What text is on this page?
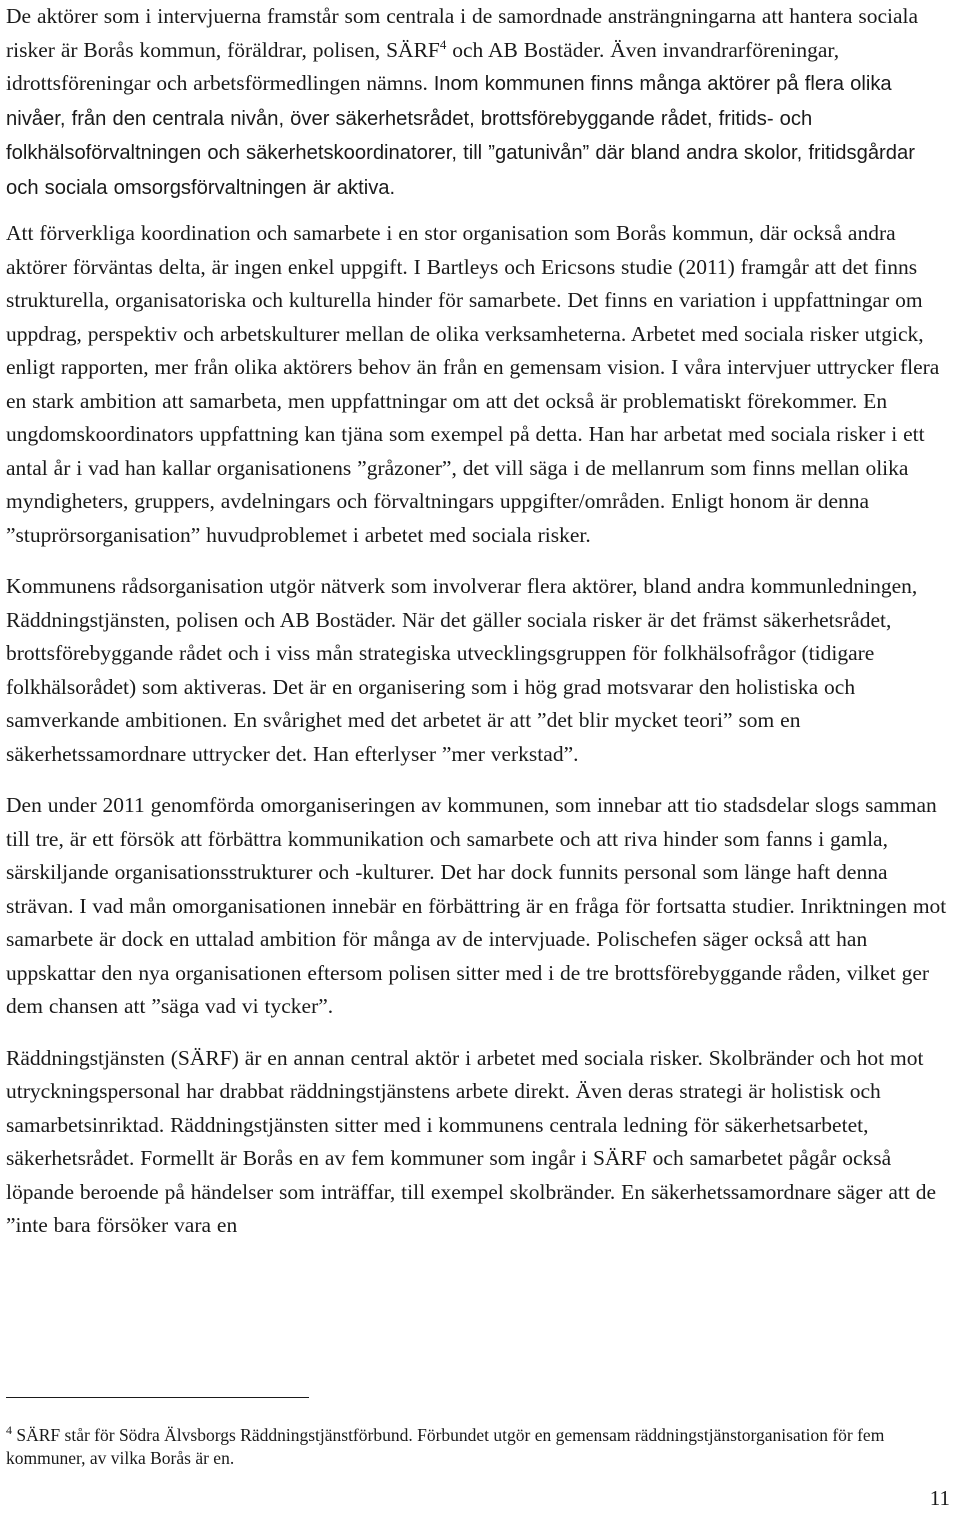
De aktörer som i intervjuerna framstår som centrala i de samordnade ansträngningarna att hantera sociala risker är Borås kommun, föräldrar, polisen, SÄRF$^4$ och AB Bostäder. Även invandrarföreningar, idrottsföreningar och arbetsförmedlingen nämns. Inom kommunen finns många aktörer på flera olika nivåer, från den centrala nivån, över säkerhetsrådet, brottsförebyggande rådet, fritids- och folkhälsoförvaltningen och säkerhetskoordinatorer, till ”gatunivån” där bland andra skolor, fritidsgårdar och sociala omsorgsförvaltningen är aktiva.

Att förverkliga koordination och samarbete i en stor organisation som Borås kommun, där också andra aktörer förväntas delta, är ingen enkel uppgift. I Bartleys och Ericsons studie (2011) framgår att det finns strukturella, organisatoriska och kulturella hinder för samarbete. Det finns en variation i uppfattningar om uppdrag, perspektiv och arbetskulturer mellan de olika verksamheterna. Arbetet med sociala risker utgick, enligt rapporten, mer från olika aktörers behov än från en gemensam vision. I våra intervjuer uttrycker flera en stark ambition att samarbeta, men uppfattningar om att det också är problematiskt förekommer. En ungdomskoordinators uppfattning kan tjäna som exempel på detta. Han har arbetat med sociala risker i ett antal år i vad han kallar organisationens ”gråzoner”, det vill säga i de mellanrum som finns mellan olika myndigheters, gruppers, avdelningars och förvaltningars uppgifter/områden. Enligt honom är denna ”stuprörsorganisation” huvudproblemet i arbetet med sociala risker.

Kommunens rådsorganisation utgör nätverk som involverar flera aktörer, bland andra kommunledningen, Räddningstjänsten, polisen och AB Bostäder. När det gäller sociala risker är det främst säkerhetsrådet, brottsförebyggande rådet och i viss mån strategiska utvecklingsgruppen för folkhälsofrågor (tidigare folkhälsorådet) som aktiveras. Det är en organisering som i hög grad motsvarar den holistiska och samverkande ambitionen. En svårighet med det arbetet är att ”det blir mycket teori” som en säkerhetssamordnare uttrycker det. Han efterlyser ”mer verkstad”.

Den under 2011 genomförda omorganiseringen av kommunen, som innebar att tio stadsdelar slogs samman till tre, är ett försök att förbättra kommunikation och samarbete och att riva hinder som fanns i gamla, särskiljande organisationsstrukturer och -kulturer. Det har dock funnits personal som länge haft denna strävan. I vad mån omorganisationen innebär en förbättring är en fråga för fortsatta studier. Inriktningen mot samarbete är dock en uttalad ambition för många av de intervjuade. Polischefen säger också att han uppskattar den nya organisationen eftersom polisen sitter med i de tre brottsförebyggande råden, vilket ger dem chansen att ”säga vad vi tycker”.

Räddningstjänsten (SÄRF) är en annan central aktör i arbetet med sociala risker. Skolbränder och hot mot utryckningspersonal har drabbat räddningstjänstens arbete direkt. Även deras strategi är holistisk och samarbetsinriktad. Räddningstjänsten sitter med i kommunens centrala ledning för säkerhetsarbetet, säkerhetsrådet. Formellt är Borås en av fem kommuner som ingår i SÄRF och samarbetet pågår också löpande beroende på händelser som inträffar, till exempel skolbränder. En säkerhetssamordnare säger att de ”inte bara försöker vara en

$^4$ SÄRF står för Södra Älvsborgs Räddningstjänstförbund. Förbundet utgör en gemensam räddningstjänstorganisation för fem kommuner, av vilka Borås är en.
11
